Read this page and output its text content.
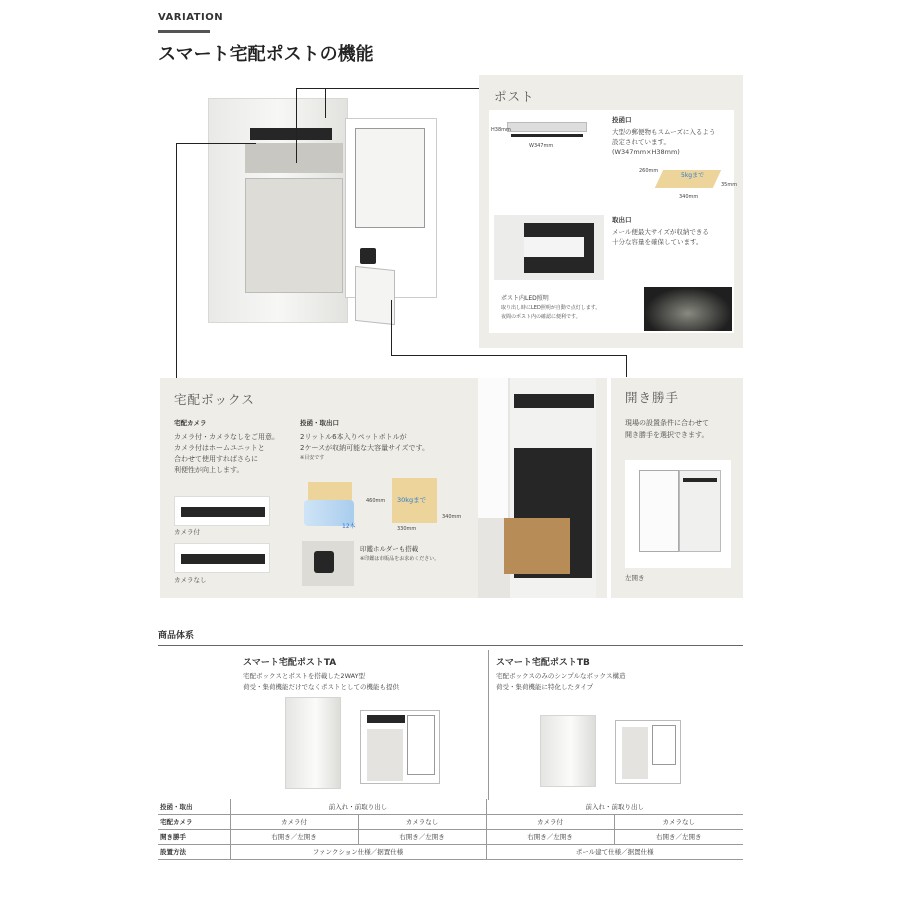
VARIATION
スマート宅配ポストの機能
ポスト
H38mm
W347mm
投函口
大型の郵便物もスムーズに入るよう
設定されています。
(W347mm×H38mm)
5kgまで
260mm
340mm
35mm
取出口
メール便最大サイズが収納できる
十分な容量を確保しています。
ポスト内LED照明
取り出し時にLED照明が自動で点灯します。
夜間のポスト内の確認に便利です。
宅配ボックス
宅配カメラ
カメラ付・カメラなしをご用意。
カメラ付はホームユニットと
合わせて使用すればさらに
利便性が向上します。
カメラ付
カメラなし
投函・取出口
2リットル6本入りペットボトルが
2ケースが収納可能な大容量サイズです。
※目安です
12本
30kgまで
460mm
330mm
340mm
印鑑ホルダーも搭載
※印鑑は市販品をお求めください。
開き勝手
現場の設置条件に合わせて
開き勝手を選択できます。
左開き
商品体系
スマート宅配ポストTA
宅配ボックスとポストを搭載した2WAY型
荷受・集荷機能だけでなくポストとしての機能も提供
スマート宅配ポストTB
宅配ボックスのみのシンプルなボックス構造
荷受・集荷機能に特化したタイプ
投函・取出	前入れ・前取り出し		前入れ・前取り出し	
宅配カメラ	カメラ付	カメラなし	カメラ付	カメラなし
開き勝手	右開き／左開き	右開き／左開き	右開き／左開き	右開き／左開き
設置方法	ファンクション仕様／据置仕様		ポール建て仕様／据置仕様	
